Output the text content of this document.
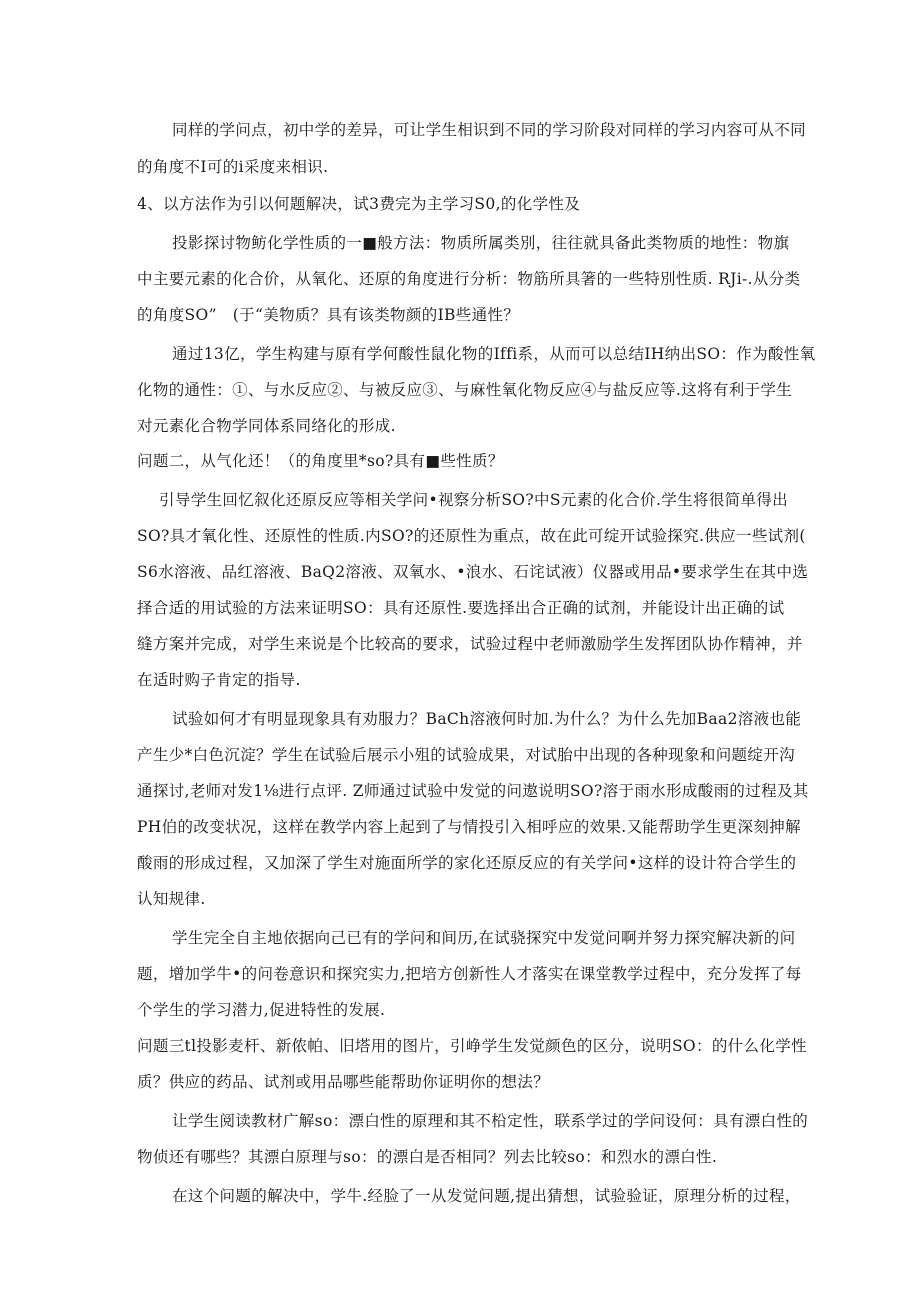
同样的学问点，初中学的差异，可让学生相识到不同的学习阶段对同样的学习内容可从不同
的角度不I可的i采度来相识.
4、以方法作为引以何题解决，试3费完为主学习S0,的化学性及
投影探讨物鲂化学性质的一■般方法：物质所属类別，往往就具备此类物质的地性：物旗
中主要元素的化合价，从氧化、还原的角度进行分析：物筋所具箸的一些特別性质. RJi-.从分类
的角度SO”　(于“美物质？具有该类物颜的IB些通性？
通过13亿，学生构建与原有学何酸性鼠化物的Iffi系，从而可以总结IH纳出SO：作为酸性氧
化物的通性：①、与水反应②、与被反应③、与麻性氧化物反应④与盐反应等.这将有利于学生
对元素化合物学同体系同络化的形成.
问题二，从气化还！（的角度里*so?具有■些性质？
引导学生回忆叙化还原反应等相关学问•视察分析SO?中S元素的化合价.学生将很简单得出
SO?具才氧化性、还原性的性质.内SO?的还原性为重点，故在此可绽开试验探究.供应一些试剂(
S6水溶液、品红溶液、BaQ2溶液、双氧水、•浪水、石诧试液）仪器或用品•要求学生在其中选
择合适的用试验的方法来证明SO：具有还原性.要选择出合正确的试剂，并能设计出正确的试
缝方案并完成，对学生来说是个比较高的要求，试验过程中老师激励学生发挥团队协作精神，并
在适时购子肯定的指导.
试验如何才有明显现象具有劝服力？BaCh溶液何时加.为什么？为什么先加Baa2溶液也能
产生少*白色沉淀？学生在试验后展示小殂的试验成果，对试胎中出现的各种现象和问题绽开沟
通探讨,老师对发1⅛进行点评. Z师通过试验中发觉的问遨说明SO?溶于雨水形成酸雨的过程及其
PH伯的改变状况，这样在教学内容上起到了与情投引入相呼应的效果.又能帮助学生更深刻抻解
酸雨的形成过程，又加深了学生对施面所学的家化还原反应的有关学问•这样的设计符合学生的
认知规律.
学生完全自主地依据向己已有的学问和间历,在试骁探究中发觉问啊并努力探究解决新的问
题，增加学牛•的问卷意识和探究实力,把培方创新性人才落实在课堂教学过程中，充分发挥了每
个学生的学习潜力,促进特性的发展.
问题三tl投影麦杆、新侬帕、旧塔用的图片，引峥学生发觉颜色的区分，说明SO：的什么化学性
质？供应的药品、试剂或用品哪些能帮助你证明你的想法？
让学生阅读教材广解so：漂白性的原理和其不柗定性，联系学过的学问设何：具有漂白性的
物侦还有哪些？其漂白原理与so：的漂白是否相同？列去比较so：和烈水的漂白性.
在这个问题的解决中，学牛.经脸了一从发觉问题,提出猜想，试验验证，原理分析的过程，
